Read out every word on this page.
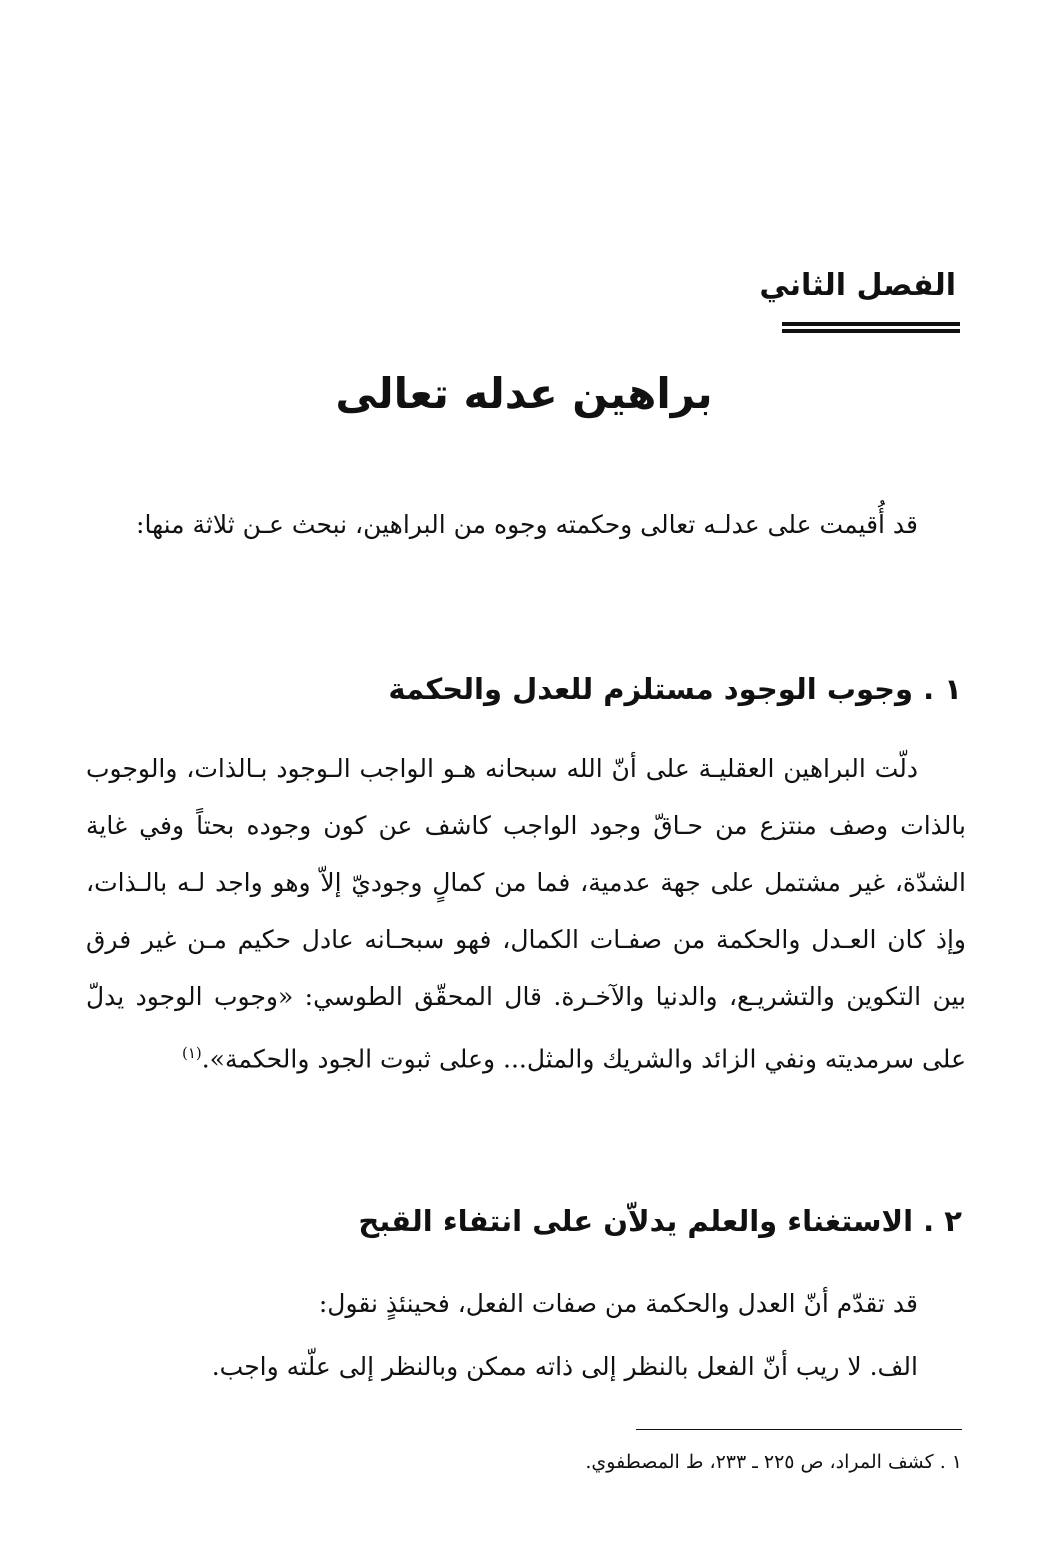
الفصل الثاني
براهين عدله تعالى

قد أُقيمت على عدلـه تعالى وحكمته وجوه من البراهين، نبحث عـن ثلاثة منها:

١ . وجوب الوجود مستلزم للعدل والحكمة

دلّت البراهين العقليـة على أنّ الله سبحانه هـو الواجب الـوجود بـالذات، والوجوب بالذات وصف منتزع من حـاقّ وجود الواجب كاشف عن كون وجوده بحتاً وفي غاية الشدّة، غير مشتمل على جهة عدمية، فما من كمالٍ وجوديّ إلاّ وهو واجد لـه بالـذات، وإذ كان العـدل والحكمة من صفـات الكمال، فهو سبحـانه عادل حكيم مـن غير فرق بين التكوين والتشريـع، والدنيا والآخـرة. قال المحقّق الطوسي: «وجوب الوجود يدلّ على سرمديته ونفي الزائد والشريك والمثل... وعلى ثبوت الجود والحكمة».$^{(١)}$

٢ . الاستغناء والعلم يدلاّن على انتفاء القبح

قد تقدّم أنّ العدل والحكمة من صفات الفعل، فحينئذٍ نقول:

الف. لا ريب أنّ الفعل بالنظر إلى ذاته ممكن وبالنظر إلى علّته واجب.

١ . كشف المراد، ص ٢٢٥ ـ ٢٣٣، ط المصطفوي.
